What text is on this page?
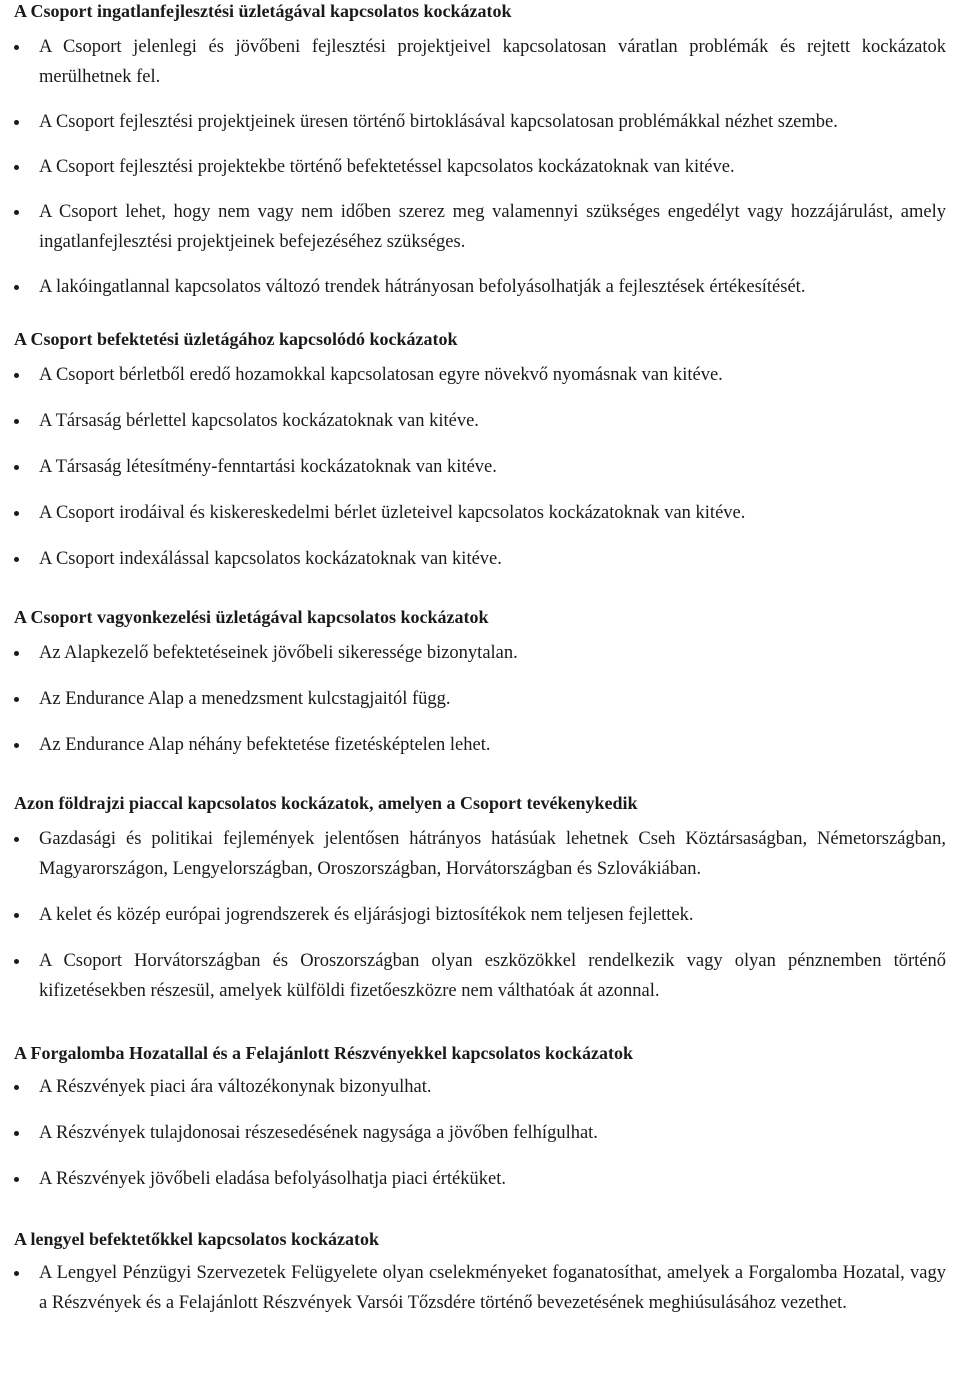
A Csoport ingatlanfejlesztési üzletágával kapcsolatos kockázatok
A Csoport jelenlegi és jövőbeni fejlesztési projektjeivel kapcsolatosan váratlan problémák és rejtett kockázatok merülhetnek fel.
A Csoport fejlesztési projektjeinek üresen történő birtoklásával kapcsolatosan problémákkal nézhet szembe.
A Csoport fejlesztési projektekbe történő befektetéssel kapcsolatos kockázatoknak van kitéve.
A Csoport lehet, hogy nem vagy nem időben szerez meg valamennyi szükséges engedélyt vagy hozzájárulást, amely ingatlanfejlesztési projektjeinek befejezéséhez szükséges.
A lakóingatlannal kapcsolatos változó trendek hátrányosan befolyásolhatják a fejlesztések értékesítését.
A Csoport befektetési üzletágához kapcsolódó kockázatok
A Csoport bérletből eredő hozamokkal kapcsolatosan egyre növekvő nyomásnak van kitéve.
A Társaság bérlettel kapcsolatos kockázatoknak van kitéve.
A Társaság létesítmény-fenntartási kockázatoknak van kitéve.
A Csoport irodáival és kiskereskedelmi bérlet üzleteivel kapcsolatos kockázatoknak van kitéve.
A Csoport indexálással kapcsolatos kockázatoknak van kitéve.
A Csoport vagyonkezelési üzletágával kapcsolatos kockázatok
Az Alapkezelő befektetéseinek jövőbeli sikeressége bizonytalan.
Az Endurance Alap a menedzsment kulcstagjaitól függ.
Az Endurance Alap néhány befektetése fizetésképtelen lehet.
Azon földrajzi piaccal kapcsolatos kockázatok, amelyen a Csoport tevékenykedik
Gazdasági és politikai fejlemények jelentősen hátrányos hatásúak lehetnek Cseh Köztársaságban, Németországban, Magyarországon, Lengyelországban, Oroszországban, Horvátországban és Szlovákiában.
A kelet és közép európai jogrendszerek és eljárásjogi biztosítékok nem teljesen fejlettek.
A Csoport Horvátországban és Oroszországban olyan eszközökkel rendelkezik vagy olyan pénznemben történő kifizetésekben részesül, amelyek külföldi fizetőeszközre nem válthatóak át azonnal.
A Forgalomba Hozatallal és a Felajánlott Részvényekkel kapcsolatos kockázatok
A Részvények piaci ára változékonynak bizonyulhat.
A Részvények tulajdonosai részesedésének nagysága a jövőben felhígulhat.
A Részvények jövőbeli eladása befolyásolhatja piaci értéküket.
A lengyel befektetőkkel kapcsolatos kockázatok
A Lengyel Pénzügyi Szervezetek Felügyelete olyan cselekményeket foganatosíthat, amelyek a Forgalomba Hozatal, vagy a Részvények és a Felajánlott Részvények Varsói Tőzsdére történő bevezetésének meghiúsulásához vezethet.
